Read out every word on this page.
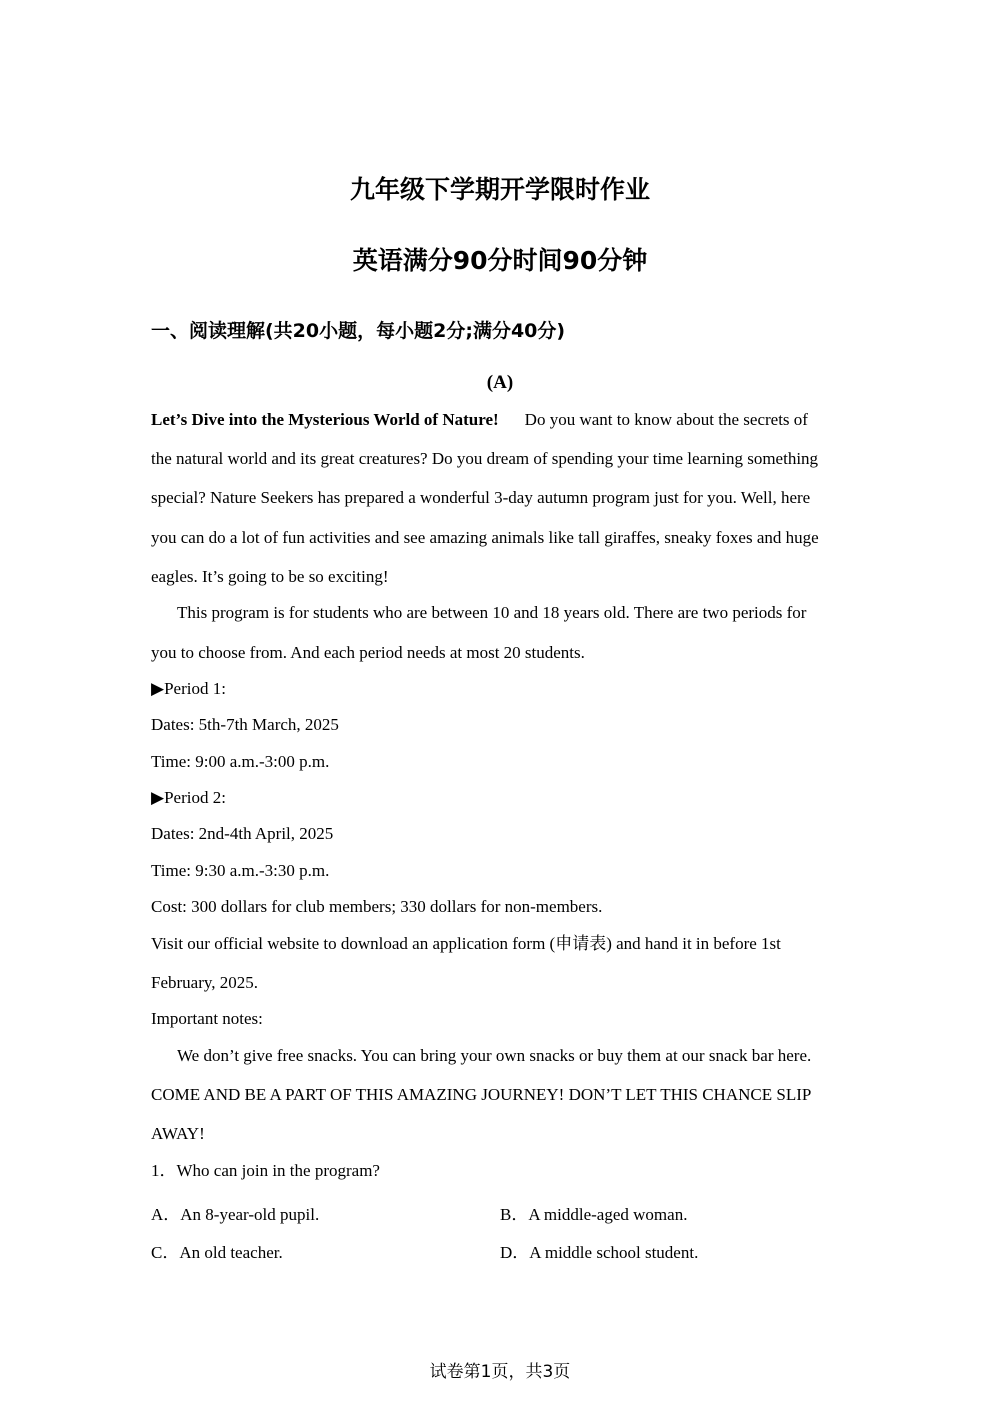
九年级下学期开学限时作业
英语满分90分时间90分钟
一、阅读理解(共20小题，每小题2分;满分40分)
(A)
Let’s Dive into the Mysterious World of Nature! Do you want to know about the secrets of
the natural world and its great creatures? Do you dream of spending your time learning something
special? Nature Seekers has prepared a wonderful 3-day autumn program just for you. Well, here
you can do a lot of fun activities and see amazing animals like tall giraffes, sneaky foxes and huge
eagles. It’s going to be so exciting!
This program is for students who are between 10 and 18 years old. There are two periods for
you to choose from. And each period needs at most 20 students.
▶Period 1:
Dates: 5th-7th March, 2025
Time: 9:00 a.m.-3:00 p.m.
▶Period 2:
Dates: 2nd-4th April, 2025
Time: 9:30 a.m.-3:30 p.m.
Cost: 300 dollars for club members; 330 dollars for non-members.
Visit our official website to download an application form (申请表) and hand it in before 1st
February, 2025.
Important notes:
We don’t give free snacks. You can bring your own snacks or buy them at our snack bar here.
COME AND BE A PART OF THIS AMAZING JOURNEY! DON’T LET THIS CHANCE SLIP
AWAY!
1．Who can join in the program?
A．An 8-year-old pupil.	B．A middle-aged woman.
C．An old teacher.	D．A middle school student.
试卷第1页，共3页
